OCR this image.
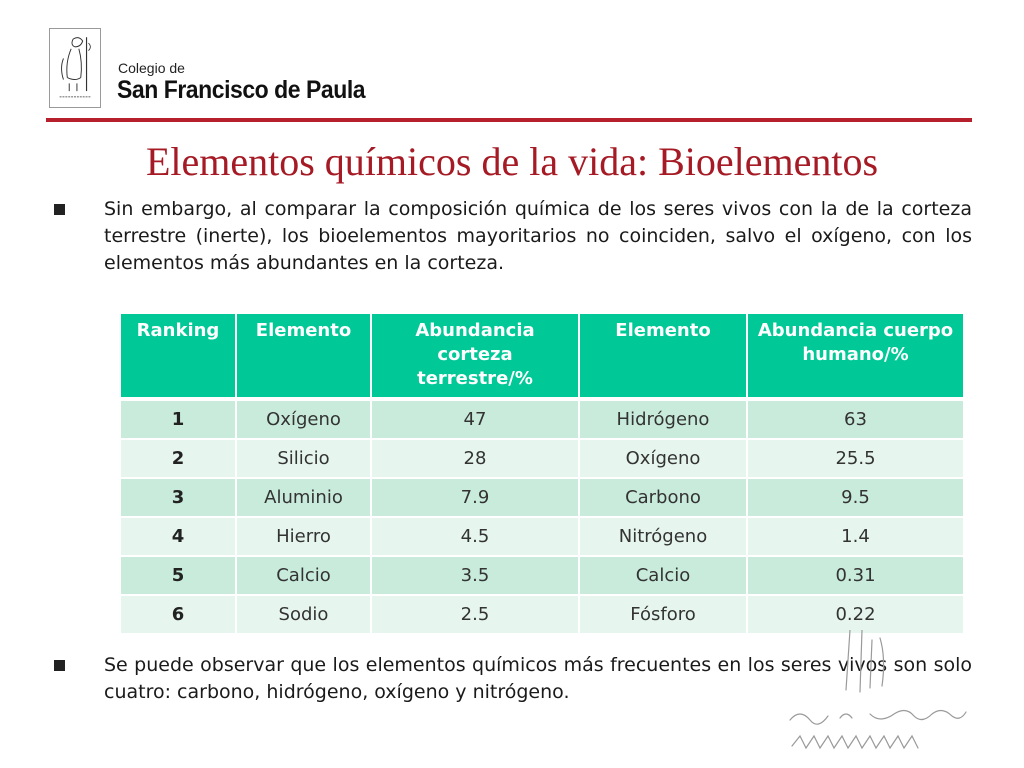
Colegio de
San Francisco de Paula
Elementos químicos de la vida: Bioelementos
Sin embargo, al comparar la composición química de los seres vivos con la de la corteza terrestre (inerte), los bioelementos mayoritarios no coinciden, salvo el oxígeno, con los elementos más abundantes en la corteza.
Ranking	Elemento	Abundancia corteza terrestre/%	Elemento	Abundancia cuerpo humano/%
1	Oxígeno	47	Hidrógeno	63
2	Silicio	28	Oxígeno	25.5
3	Aluminio	7.9	Carbono	9.5
4	Hierro	4.5	Nitrógeno	1.4
5	Calcio	3.5	Calcio	0.31
6	Sodio	2.5	Fósforo	0.22
Se puede observar que los elementos químicos más frecuentes en los seres vivos son solo cuatro: carbono, hidrógeno, oxígeno y nitrógeno.
